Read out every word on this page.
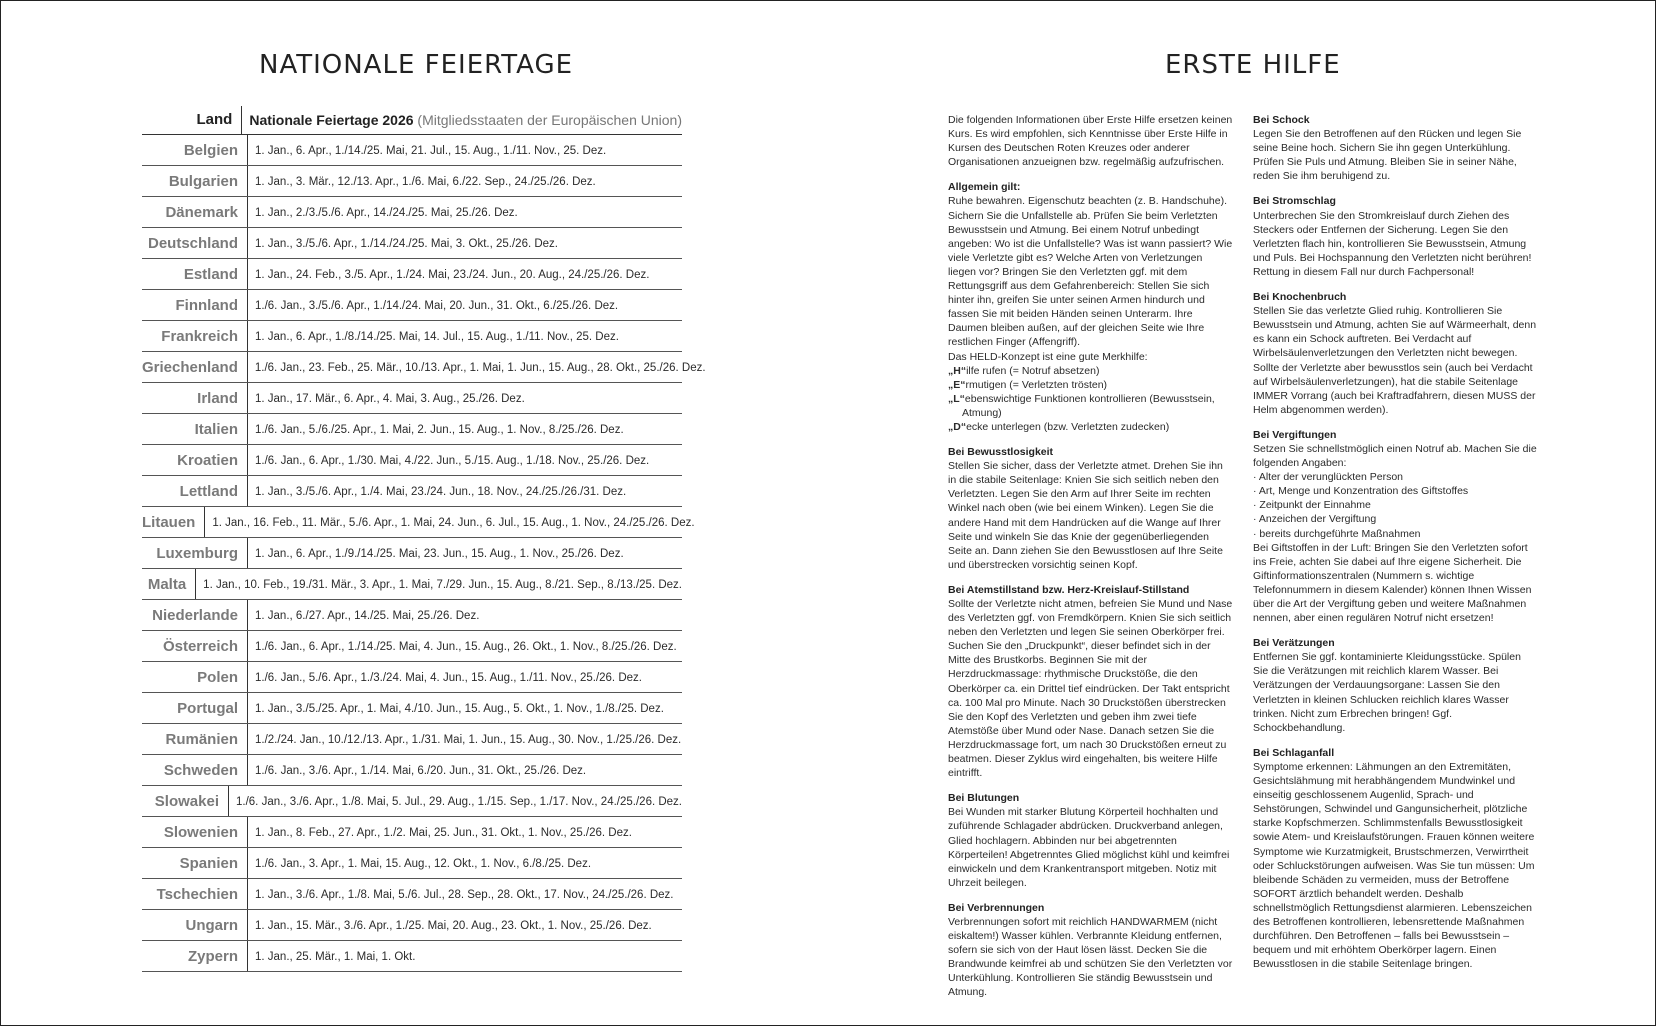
NATIONALE FEIERTAGE
Land	Nationale Feiertage 2026 (Mitgliedsstaaten der Europäischen Union)
Belgien	1. Jan., 6. Apr., 1./14./25. Mai, 21. Jul., 15. Aug., 1./11. Nov., 25. Dez.
Bulgarien	1. Jan., 3. Mär., 12./13. Apr., 1./6. Mai, 6./22. Sep., 24./25./26. Dez.
Dänemark	1. Jan., 2./3./5./6. Apr., 14./24./25. Mai, 25./26. Dez.
Deutschland	1. Jan., 3./5./6. Apr., 1./14./24./25. Mai, 3. Okt., 25./26. Dez.
Estland	1. Jan., 24. Feb., 3./5. Apr., 1./24. Mai, 23./24. Jun., 20. Aug., 24./25./26. Dez.
Finnland	1./6. Jan., 3./5./6. Apr., 1./14./24. Mai, 20. Jun., 31. Okt., 6./25./26. Dez.
Frankreich	1. Jan., 6. Apr., 1./8./14./25. Mai, 14. Jul., 15. Aug., 1./11. Nov., 25. Dez.
Griechenland	1./6. Jan., 23. Feb., 25. Mär., 10./13. Apr., 1. Mai, 1. Jun., 15. Aug., 28. Okt., 25./26. Dez.
Irland	1. Jan., 17. Mär., 6. Apr., 4. Mai, 3. Aug., 25./26. Dez.
Italien	1./6. Jan., 5./6./25. Apr., 1. Mai, 2. Jun., 15. Aug., 1. Nov., 8./25./26. Dez.
Kroatien	1./6. Jan., 6. Apr., 1./30. Mai, 4./22. Jun., 5./15. Aug., 1./18. Nov., 25./26. Dez.
Lettland	1. Jan., 3./5./6. Apr., 1./4. Mai, 23./24. Jun., 18. Nov., 24./25./26./31. Dez.
Litauen	1. Jan., 16. Feb., 11. Mär., 5./6. Apr., 1. Mai, 24. Jun., 6. Jul., 15. Aug., 1. Nov., 24./25./26. Dez.
Luxemburg	1. Jan., 6. Apr., 1./9./14./25. Mai, 23. Jun., 15. Aug., 1. Nov., 25./26. Dez.
Malta	1. Jan., 10. Feb., 19./31. Mär., 3. Apr., 1. Mai, 7./29. Jun., 15. Aug., 8./21. Sep., 8./13./25. Dez.
Niederlande	1. Jan., 6./27. Apr., 14./25. Mai, 25./26. Dez.
Österreich	1./6. Jan., 6. Apr., 1./14./25. Mai, 4. Jun., 15. Aug., 26. Okt., 1. Nov., 8./25./26. Dez.
Polen	1./6. Jan., 5./6. Apr., 1./3./24. Mai, 4. Jun., 15. Aug., 1./11. Nov., 25./26. Dez.
Portugal	1. Jan., 3./5./25. Apr., 1. Mai, 4./10. Jun., 15. Aug., 5. Okt., 1. Nov., 1./8./25. Dez.
Rumänien	1./2./24. Jan., 10./12./13. Apr., 1./31. Mai, 1. Jun., 15. Aug., 30. Nov., 1./25./26. Dez.
Schweden	1./6. Jan., 3./6. Apr., 1./14. Mai, 6./20. Jun., 31. Okt., 25./26. Dez.
Slowakei	1./6. Jan., 3./6. Apr., 1./8. Mai, 5. Jul., 29. Aug., 1./15. Sep., 1./17. Nov., 24./25./26. Dez.
Slowenien	1. Jan., 8. Feb., 27. Apr., 1./2. Mai, 25. Jun., 31. Okt., 1. Nov., 25./26. Dez.
Spanien	1./6. Jan., 3. Apr., 1. Mai, 15. Aug., 12. Okt., 1. Nov., 6./8./25. Dez.
Tschechien	1. Jan., 3./6. Apr., 1./8. Mai, 5./6. Jul., 28. Sep., 28. Okt., 17. Nov., 24./25./26. Dez.
Ungarn	1. Jan., 15. Mär., 3./6. Apr., 1./25. Mai, 20. Aug., 23. Okt., 1. Nov., 25./26. Dez.
Zypern	1. Jan., 25. Mär., 1. Mai, 1. Okt.
ERSTE HILFE

Die folgenden Informationen über Erste Hilfe ersetzen keinen Kurs. Es wird empfohlen, sich Kenntnisse über Erste Hilfe in Kursen des Deutschen Roten Kreuzes oder anderer Organisationen anzueignen bzw. regelmäßig aufzufrischen.

Allgemein gilt:

Ruhe bewahren. Eigenschutz beachten (z. B. Handschuhe). Sichern Sie die Unfallstelle ab. Prüfen Sie beim Verletzten Bewusstsein und Atmung. Bei einem Notruf unbedingt angeben: Wo ist die Unfallstelle? Was ist wann passiert? Wie viele Verletzte gibt es? Welche Arten von Verletzungen liegen vor? Bringen Sie den Verletzten ggf. mit dem Rettungsgriff aus dem Gefahrenbereich: Stellen Sie sich hinter ihn, greifen Sie unter seinen Armen hindurch und fassen Sie mit beiden Händen seinen Unterarm. Ihre Daumen bleiben außen, auf der gleichen Seite wie Ihre restlichen Finger (Affengriff).

Das HELD-Konzept ist eine gute Merkhilfe:

„H“ilfe rufen (= Notruf absetzen)
„E“rmutigen (= Verletzten trösten)
„L“ebenswichtige Funktionen kontrollieren (Bewusstsein,
Atmung)
„D“ecke unterlegen (bzw. Verletzten zudecken)
Bei Bewusstlosigkeit

Stellen Sie sicher, dass der Verletzte atmet. Drehen Sie ihn in die stabile Seitenlage: Knien Sie sich seitlich neben den Verletzten. Legen Sie den Arm auf Ihrer Seite im rechten Winkel nach oben (wie bei einem Winken). Legen Sie die andere Hand mit dem Handrücken auf die Wange auf Ihrer Seite und winkeln Sie das Knie der gegenüberliegenden Seite an. Dann ziehen Sie den Bewusstlosen auf Ihre Seite und überstrecken vorsichtig seinen Kopf.

Bei Atemstillstand bzw. Herz-Kreislauf-Stillstand

Sollte der Verletzte nicht atmen, befreien Sie Mund und Nase des Verletzten ggf. von Fremdkörpern. Knien Sie sich seitlich neben den Verletzten und legen Sie seinen Oberkörper frei. Suchen Sie den „Druckpunkt“, dieser befindet sich in der Mitte des Brustkorbs. Beginnen Sie mit der Herzdruckmassage: rhythmische Druckstöße, die den Oberkörper ca. ein Drittel tief eindrücken. Der Takt entspricht ca. 100 Mal pro Minute. Nach 30 Druckstößen überstrecken Sie den Kopf des Verletzten und geben ihm zwei tiefe Atemstöße über Mund oder Nase. Danach setzen Sie die Herzdruckmassage fort, um nach 30 Druckstößen erneut zu beatmen. Dieser Zyklus wird eingehalten, bis weitere Hilfe eintrifft.

Bei Blutungen

Bei Wunden mit starker Blutung Körperteil hochhalten und zuführende Schlagader abdrücken. Druckverband anlegen, Glied hochlagern. Abbinden nur bei abgetrennten Körperteilen! Abgetrenntes Glied möglichst kühl und keimfrei einwickeln und dem Krankentransport mitgeben. Notiz mit Uhrzeit beilegen.

Bei Verbrennungen

Verbrennungen sofort mit reichlich HANDWARMEM (nicht eiskaltem!) Wasser kühlen. Verbrannte Kleidung entfernen, sofern sie sich von der Haut lösen lässt. Decken Sie die Brandwunde keimfrei ab und schützen Sie den Verletzten vor Unterkühlung. Kontrollieren Sie ständig Bewusstsein und Atmung.

Bei Schock

Legen Sie den Betroffenen auf den Rücken und legen Sie seine Beine hoch. Sichern Sie ihn gegen Unterkühlung. Prüfen Sie Puls und Atmung. Bleiben Sie in seiner Nähe, reden Sie ihm beruhigend zu.

Bei Stromschlag

Unterbrechen Sie den Stromkreislauf durch Ziehen des Steckers oder Entfernen der Sicherung. Legen Sie den Verletzten flach hin, kontrollieren Sie Bewusstsein, Atmung und Puls. Bei Hochspannung den Verletzten nicht berühren! Rettung in diesem Fall nur durch Fachpersonal!

Bei Knochenbruch

Stellen Sie das verletzte Glied ruhig. Kontrollieren Sie Bewusstsein und Atmung, achten Sie auf Wärmeerhalt, denn es kann ein Schock auftreten. Bei Verdacht auf Wirbelsäulenverletzungen den Verletzten nicht bewegen. Sollte der Verletzte aber bewusstlos sein (auch bei Verdacht auf Wirbelsäulenverletzungen), hat die stabile Seitenlage IMMER Vorrang (auch bei Kraftradfahrern, diesen MUSS der Helm abgenommen werden).

Bei Vergiftungen

Setzen Sie schnellstmöglich einen Notruf ab. Machen Sie die folgenden Angaben:

· Alter der verunglückten Person

· Art, Menge und Konzentration des Giftstoffes

· Zeitpunkt der Einnahme

· Anzeichen der Vergiftung

· bereits durchgeführte Maßnahmen

Bei Giftstoffen in der Luft: Bringen Sie den Verletzten sofort ins Freie, achten Sie dabei auf Ihre eigene Sicherheit. Die Giftinformationszentralen (Nummern s. wichtige Telefonnummern in diesem Kalender) können Ihnen Wissen über die Art der Vergiftung geben und weitere Maßnahmen nennen, aber einen regulären Notruf nicht ersetzen!

Bei Verätzungen

Entfernen Sie ggf. kontaminierte Kleidungsstücke. Spülen Sie die Verätzungen mit reichlich klarem Wasser. Bei Verätzungen der Verdauungsorgane: Lassen Sie den Verletzten in kleinen Schlucken reichlich klares Wasser trinken. Nicht zum Erbrechen bringen! Ggf. Schockbehandlung.

Bei Schlaganfall

Symptome erkennen: Lähmungen an den Extremitäten, Gesichtslähmung mit herabhängendem Mundwinkel und einseitig geschlossenem Augenlid, Sprach- und Sehstörungen, Schwindel und Gangunsicherheit, plötzliche starke Kopfschmerzen. Schlimmstenfalls Bewusstlosigkeit sowie Atem- und Kreislaufstörungen. Frauen können weitere Symptome wie Kurzatmigkeit, Brustschmerzen, Verwirrtheit oder Schluckstörungen aufweisen. Was Sie tun müssen: Um bleibende Schäden zu vermeiden, muss der Betroffene SOFORT ärztlich behandelt werden. Deshalb schnellstmöglich Rettungsdienst alarmieren. Lebenszeichen des Betroffenen kontrollieren, lebensrettende Maßnahmen durchführen. Den Betroffenen – falls bei Bewusstsein – bequem und mit erhöhtem Oberkörper lagern. Einen Bewusstlosen in die stabile Seitenlage bringen.
